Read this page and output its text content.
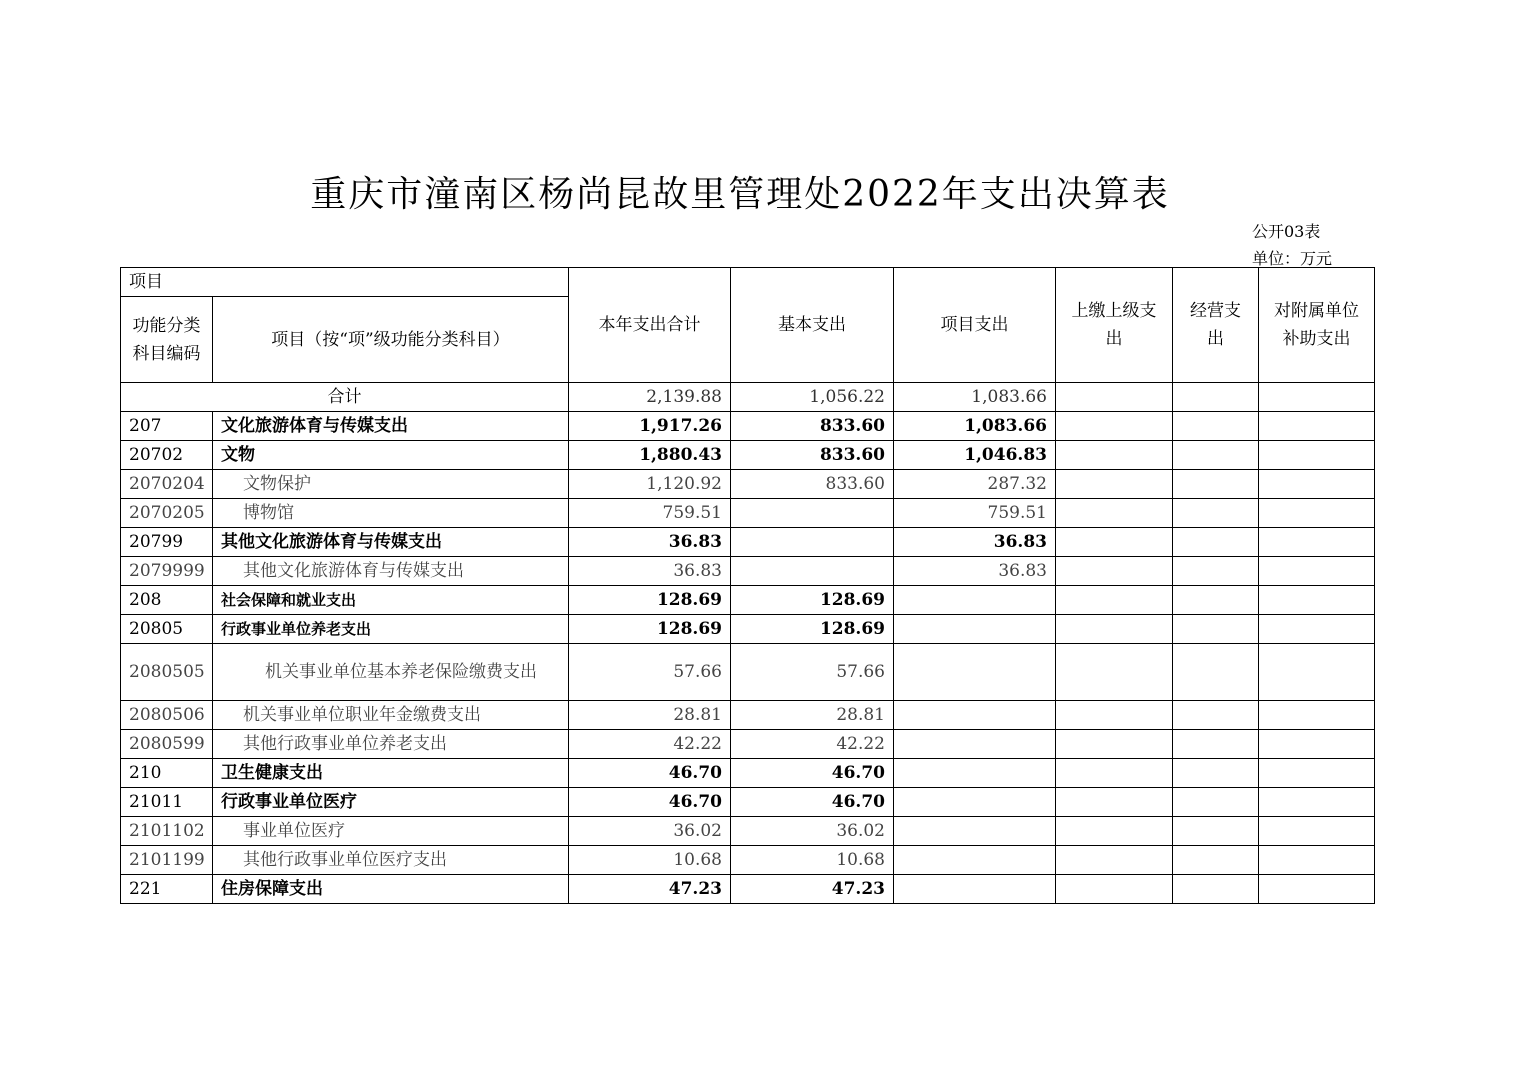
重庆市潼南区杨尚昆故里管理处2022年支出决算表
公开03表
单位：万元
项目		本年支出合计	基本支出	项目支出	上缴上级支出	经营支出	对附属单位补助支出
功能分类科目编码	项目（按“项”级功能分类科目）						
合计		2,139.88	1,056.22	1,083.66			
207	文化旅游体育与传媒支出	1,917.26	833.60	1,083.66			
20702	文物	1,880.43	833.60	1,046.83			
2070204	文物保护	1,120.92	833.60	287.32			
2070205	博物馆	759.51		759.51			
20799	其他文化旅游体育与传媒支出	36.83		36.83			
2079999	其他文化旅游体育与传媒支出	36.83		36.83			
208	社会保障和就业支出	128.69	128.69				
20805	行政事业单位养老支出	128.69	128.69				
2080505	机关事业单位基本养老保险缴费支出	57.66	57.66				
2080506	机关事业单位职业年金缴费支出	28.81	28.81				
2080599	其他行政事业单位养老支出	42.22	42.22				
210	卫生健康支出	46.70	46.70				
21011	行政事业单位医疗	46.70	46.70				
2101102	事业单位医疗	36.02	36.02				
2101199	其他行政事业单位医疗支出	10.68	10.68				
221	住房保障支出	47.23	47.23				
